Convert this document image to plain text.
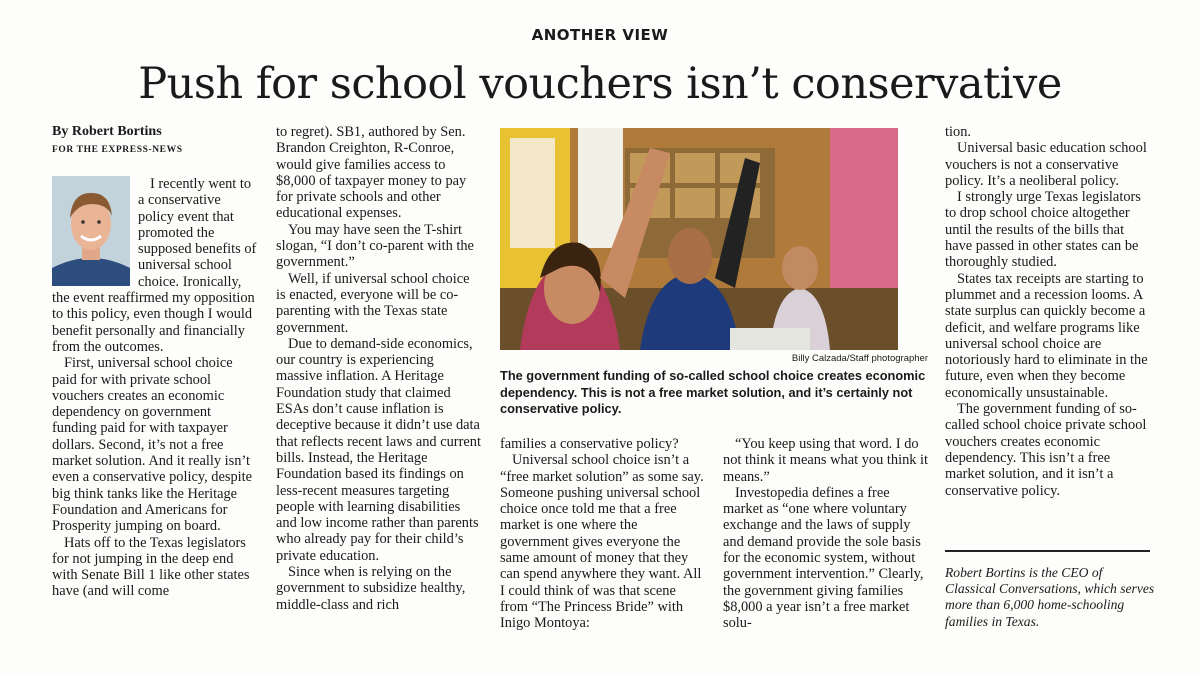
ANOTHER VIEW
Push for school vouchers isn’t conservative
By Robert Bortins
FOR THE EXPRESS-NEWS

I recently went to a conservative policy event that promoted the supposed benefits of universal school choice. Ironically, the event reaffirmed my opposition to this policy, even though I would benefit personally and financially from the outcomes.

First, universal school choice paid for with private school vouchers creates an economic dependency on government funding paid for with taxpayer dollars. Second, it’s not a free market solution. And it really isn’t even a conservative policy, despite big think tanks like the Heritage Foundation and Americans for Prosperity jumping on board.

Hats off to the Texas legislators for not jumping in the deep end with Senate Bill 1 like other states have (and will come

to regret). SB1, authored by Sen. Brandon Creighton, R-Conroe, would give families access to $8,000 of taxpayer money to pay for private schools and other educational expenses.

You may have seen the T-shirt slogan, “I don’t co-parent with the government.”

Well, if universal school choice is enacted, everyone will be co-parenting with the Texas state government.

Due to demand-side economics, our country is experiencing massive inflation. A Heritage Foundation study that claimed ESAs don’t cause inflation is deceptive because it didn’t use data that reflects recent laws and current bills. Instead, the Heritage Foundation based its findings on less-recent measures targeting people with learning disabilities and low income rather than parents who already pay for their child’s private education.

Since when is relying on the government to subsidize healthy, middle-class and rich

Billy Calzada/Staff photographer
The government funding of so-called school choice creates economic dependency. This is not a free market solution, and it’s certainly not conservative policy.

families a conservative policy?

Universal school choice isn’t a “free market solution” as some say. Someone pushing universal school choice once told me that a free market is one where the government gives everyone the same amount of money that they can spend anywhere they want. All I could think of was that scene from “The Princess Bride” with Inigo Montoya:

“You keep using that word. I do not think it means what you think it means.”

Investopedia defines a free market as “one where voluntary exchange and the laws of supply and demand provide the sole basis for the economic system, without government intervention.” Clearly, the government giving families $8,000 a year isn’t a free market solu-

tion.

Universal basic education school vouchers is not a conservative policy. It’s a neoliberal policy.

I strongly urge Texas legislators to drop school choice altogether until the results of the bills that have passed in other states can be thoroughly studied.

States tax receipts are starting to plummet and a recession looms. A state surplus can quickly become a deficit, and welfare programs like universal school choice are notoriously hard to eliminate in the future, even when they become economically unsustainable.

The government funding of so-called school choice private school vouchers creates economic dependency. This isn’t a free market solution, and it isn’t a conservative policy.

Robert Bortins is the CEO of Classical Conversations, which serves more than 6,000 home-schooling families in Texas.
